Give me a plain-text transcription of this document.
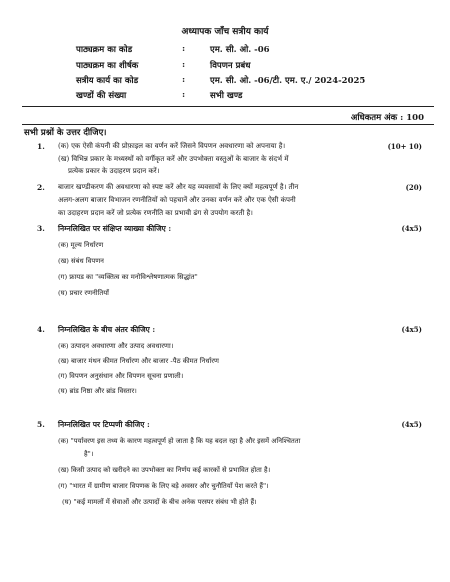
अध्यापक जाँच सत्रीय कार्य
पाठ्यक्रम का कोड	:	एम. सी. ओ. -06
पाठ्यक्रम का शीर्षक	:	विपणन प्रबंध
सत्रीय कार्य का कोड	:	एम. सी. ओ. -06/टी. एम. ए./ 2024-2025
खण्डों की संख्या	:	सभी खण्ड
अधिकतम अंक : 100
सभी प्रश्नों के उत्तर दीजिए।
1. (क) एक ऐसी कंपनी की प्रोफ़ाइल का वर्णन करें जिसने विपणन अवधारणा को अपनाया है।	(10+ 10)
(ख) विभिन्न प्रकार के मध्यस्थों को वर्गीकृत करें और उपभोक्ता वस्तुओं के बाजार के संदर्भ में
प्रत्येक प्रकार के उदाहरण प्रदान करें।
2. बाजार खण्डीकरण की अवधारणा को स्पष्ट करें और यह व्यवसायों के लिए क्यों महत्वपूर्ण है। तीन	(20)
अलग-अलग बाजार विभाजन रणनीतियों को पहचानें और उनका वर्णन करें और एक ऐसी कंपनी
का उदाहरण प्रदान करें जो प्रत्येक रणनीति का प्रभावी ढंग से उपयोग करती है।
3. निम्नलिखित पर संक्षिप्त व्याख्या कीजिए :	(4x5)
(क) मूल्य निर्धारण
(ख) संबंध विपणन
(ग) फ्रायड का "व्यक्तित्व का मनोविश्लेषणात्मक सिद्धांत"
(घ) प्रचार रणनीतियाँ
4. निम्नलिखित के बीच अंतर कीजिए :	(4x5)
(क) उत्पादन अवधारणा और उत्पाद अवधारणा।
(ख) बाजार मंथन कीमत निर्धारण और बाजार -पैठ कीमत निर्धारण
(ग) विपणन अनुसंधान और विपणन सूचना प्रणाली।
(घ) ब्रांड निष्ठा और ब्रांड विस्तार।
5. निम्नलिखित पर टिप्पणी कीजिए :	(4x5)
(क) "पर्यावरण इस तथ्य के कारण महत्वपूर्ण हो जाता है कि यह बदल रहा है और इसमें अनिश्चितता
है"।
(ख) किसी उत्पाद को खरीदने का उपभोक्ता का निर्णय कई कारकों से प्रभावित होता है।
(ग) "भारत में ग्रामीण बाजार विपणक के लिए बड़े अवसर और चुनौतियाँ पेश करते हैं"।
(घ) "कई मामलों में सेवाओं और उत्पादों के बीच अनेक परस्पर संबंध भी होते हैं।
